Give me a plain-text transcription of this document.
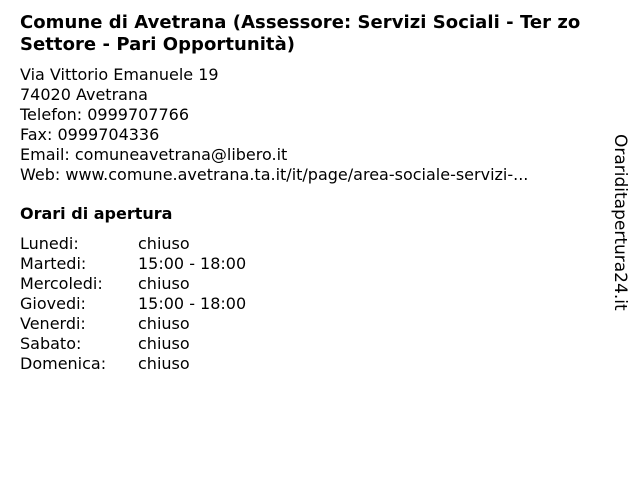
Comune di Avetrana (Assessore: Servizi Sociali - Ter zo Settore - Pari Opportunità)
Via Vittorio Emanuele 19
74020 Avetrana
Telefon: 0999707766
Fax: 0999704336
Email: comuneavetrana@libero.it
Web: www.comune.avetrana.ta.it/it/page/area-sociale-servizi-...
Orari di apertura
Lunedi:	chiuso
Martedi:	15:00 - 18:00
Mercoledi:	chiuso
Giovedi:	15:00 - 18:00
Venerdi:	chiuso
Sabato:	chiuso
Domenica:	chiuso
Orariditapertura24.it
